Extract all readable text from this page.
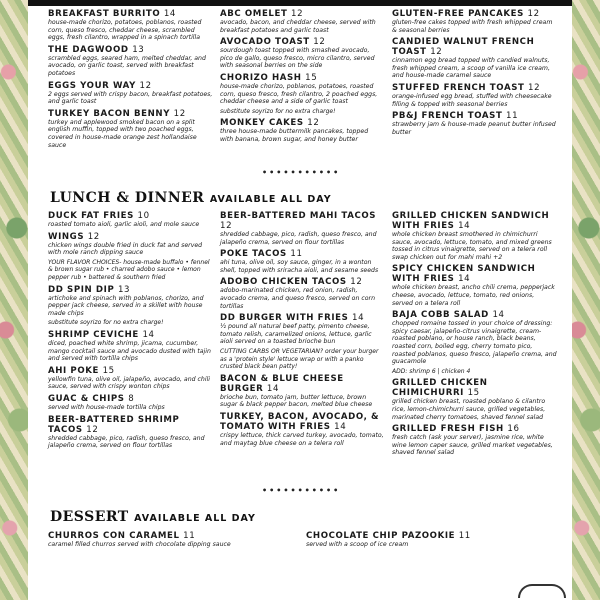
BREAKFAST BURRITO 14
house-made chorizo, potatoes, poblanos, roasted corn, queso fresco, cheddar cheese, scrambled eggs, fresh cilantro, wrapped in a spinach tortilla
THE DAGWOOD 13
scrambled eggs, seared ham, melted cheddar, and avocado, on garlic toast, served with breakfast potatoes
EGGS YOUR WAY 12
2 eggs served with crispy bacon, breakfast potatoes, and garlic toast
TURKEY BACON BENNY 12
turkey and applewood smoked bacon on a split english muffin, topped with two poached eggs, covered in house-made orange zest hollandaise sauce
ABC OMELET 12
avocado, bacon, and cheddar cheese, served with breakfast potatoes and garlic toast
AVOCADO TOAST 12
sourdough toast topped with smashed avocado, pico de gallo, queso fresco, micro cilantro, served with seasonal berries on the side
CHORIZO HASH 15
house-made chorizo, poblanos, potatoes, roasted corn, queso fresco, fresh cilantro, 2 poached eggs, cheddar cheese and a side of garlic toast
substitute soyrizo for no extra charge!
MONKEY CAKES 12
three house-made buttermilk pancakes, topped with banana, brown sugar, and honey butter
GLUTEN-FREE PANCAKES 12
gluten-free cakes topped with fresh whipped cream & seasonal berries
CANDIED WALNUT FRENCH TOAST 12
cinnamon egg bread topped with candied walnuts, fresh whipped cream, a scoop of vanilla ice cream, and house-made caramel sauce
STUFFED FRENCH TOAST 12
orange-infused egg bread, stuffed with cheesecake filling & topped with seasonal berries
PB&J FRENCH TOAST 11
strawberry jam & house-made peanut butter infused butter
•••••••••••
LUNCH & DINNER AVAILABLE ALL DAY
DUCK FAT FRIES 10
roasted tomato aioli, garlic aioli, and mole sauce
WINGS 12
chicken wings double fried in duck fat and served with mole ranch dipping sauce
YOUR FLAVOR CHOICES- house-made buffalo • fennel & brown sugar rub • charred adobo sauce • lemon pepper rub • battered & southern fried
DD SPIN DIP 13
artichoke and spinach with poblanos, chorizo, and pepper jack cheese, served in a skillet with house made chips
substitute soyrizo for no extra charge!
SHRIMP CEVICHE 14
diced, poached white shrimp, jicama, cucumber, mango cocktail sauce and avocado dusted with tajin and served with tortilla chips
AHI POKE 15
yellowfin tuna, olive oil, jalapeño, avocado, and chili sauce, served with crispy wonton chips
GUAC & CHIPS 8
served with house-made tortilla chips
BEER-BATTERED SHRIMP TACOS 12
shredded cabbage, pico, radish, queso fresco, and jalapeño crema, served on flour tortillas
BEER-BATTERED MAHI TACOS 12
shredded cabbage, pico, radish, queso fresco, and jalapeño crema, served on flour tortillas
POKE TACOS 11
ahi tuna, olive oil, soy sauce, ginger, in a wonton shell, topped with sriracha aioli, and sesame seeds
ADOBO CHICKEN TACOS 12
adobo-marinated chicken, red onion, radish, avocado crema, and queso fresco, served on corn tortillas
DD BURGER WITH FRIES 14
½ pound all natural beef patty, pimento cheese, tomato relish, caramelized onions, lettuce, garlic aioli served on a toasted brioche bun
CUTTING CARBS OR VEGETARIAN? order your burger as a 'protein style' lettuce wrap or with a panko crusted black bean patty!
BACON & BLUE CHEESE BURGER 14
brioche bun, tomato jam, butter lettuce, brown sugar & black pepper bacon, melted blue cheese
TURKEY, BACON, AVOCADO, & TOMATO WITH FRIES 14
crispy lettuce, thick carved turkey, avocado, tomato, and maytag blue cheese on a telera roll
GRILLED CHICKEN SANDWICH WITH FRIES 14
whole chicken breast smothered in chimichurri sauce, avocado, lettuce, tomato, and mixed greens tossed in citrus vinaigrette, served on a telera roll swap chicken out for mahi mahi +2
SPICY CHICKEN SANDWICH WITH FRIES 14
whole chicken breast, ancho chili crema, pepperjack cheese, avocado, lettuce, tomato, red onions, served on a telera roll
BAJA COBB SALAD 14
chopped romaine tossed in your choice of dressing: spicy caesar, jalapeño-citrus vinaigrette, cream-roasted poblano, or house ranch, black beans, roasted corn, boiled egg, cherry tomato pico, roasted poblanos, queso fresco, jalapeño crema, and guacamole
ADD: shrimp 6 | chicken 4
GRILLED CHICKEN CHIMICHURRI 15
grilled chicken breast, roasted poblano & cilantro rice, lemon-chimichurri sauce, grilled vegetables, marinated cherry tomatoes, shaved fennel salad
GRILLED FRESH FISH 16
fresh catch (ask your server), jasmine rice, white wine lemon caper sauce, grilled market vegetables, shaved fennel salad
•••••••••••
DESSERT AVAILABLE ALL DAY
CHURROS CON CARAMEL 11
caramel filled churros served with chocolate dipping sauce
CHOCOLATE CHIP PAZOOKIE 11
served with a scoop of ice cream
